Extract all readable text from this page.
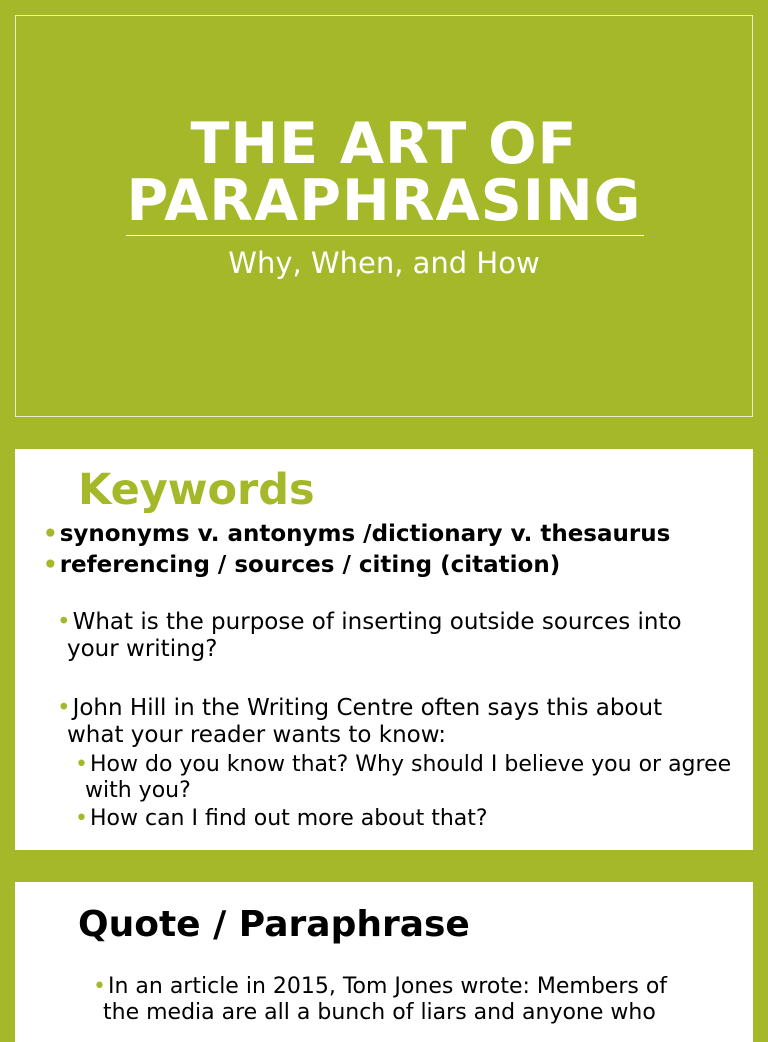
THE ART OF PARAPHRASING
Why, When, and How
Keywords
•synonyms v. antonyms /dictionary v. thesaurus
•referencing / sources / citing (citation)
•What is the purpose of inserting outside sources into your writing?
•John Hill in the Writing Centre often says this about what your reader wants to know:
•How do you know that? Why should I believe you or agree with you?
•How can I find out more about that?
Quote / Paraphrase
•In an article in 2015, Tom Jones wrote: Members of the media are all a bunch of liars and anyone who
